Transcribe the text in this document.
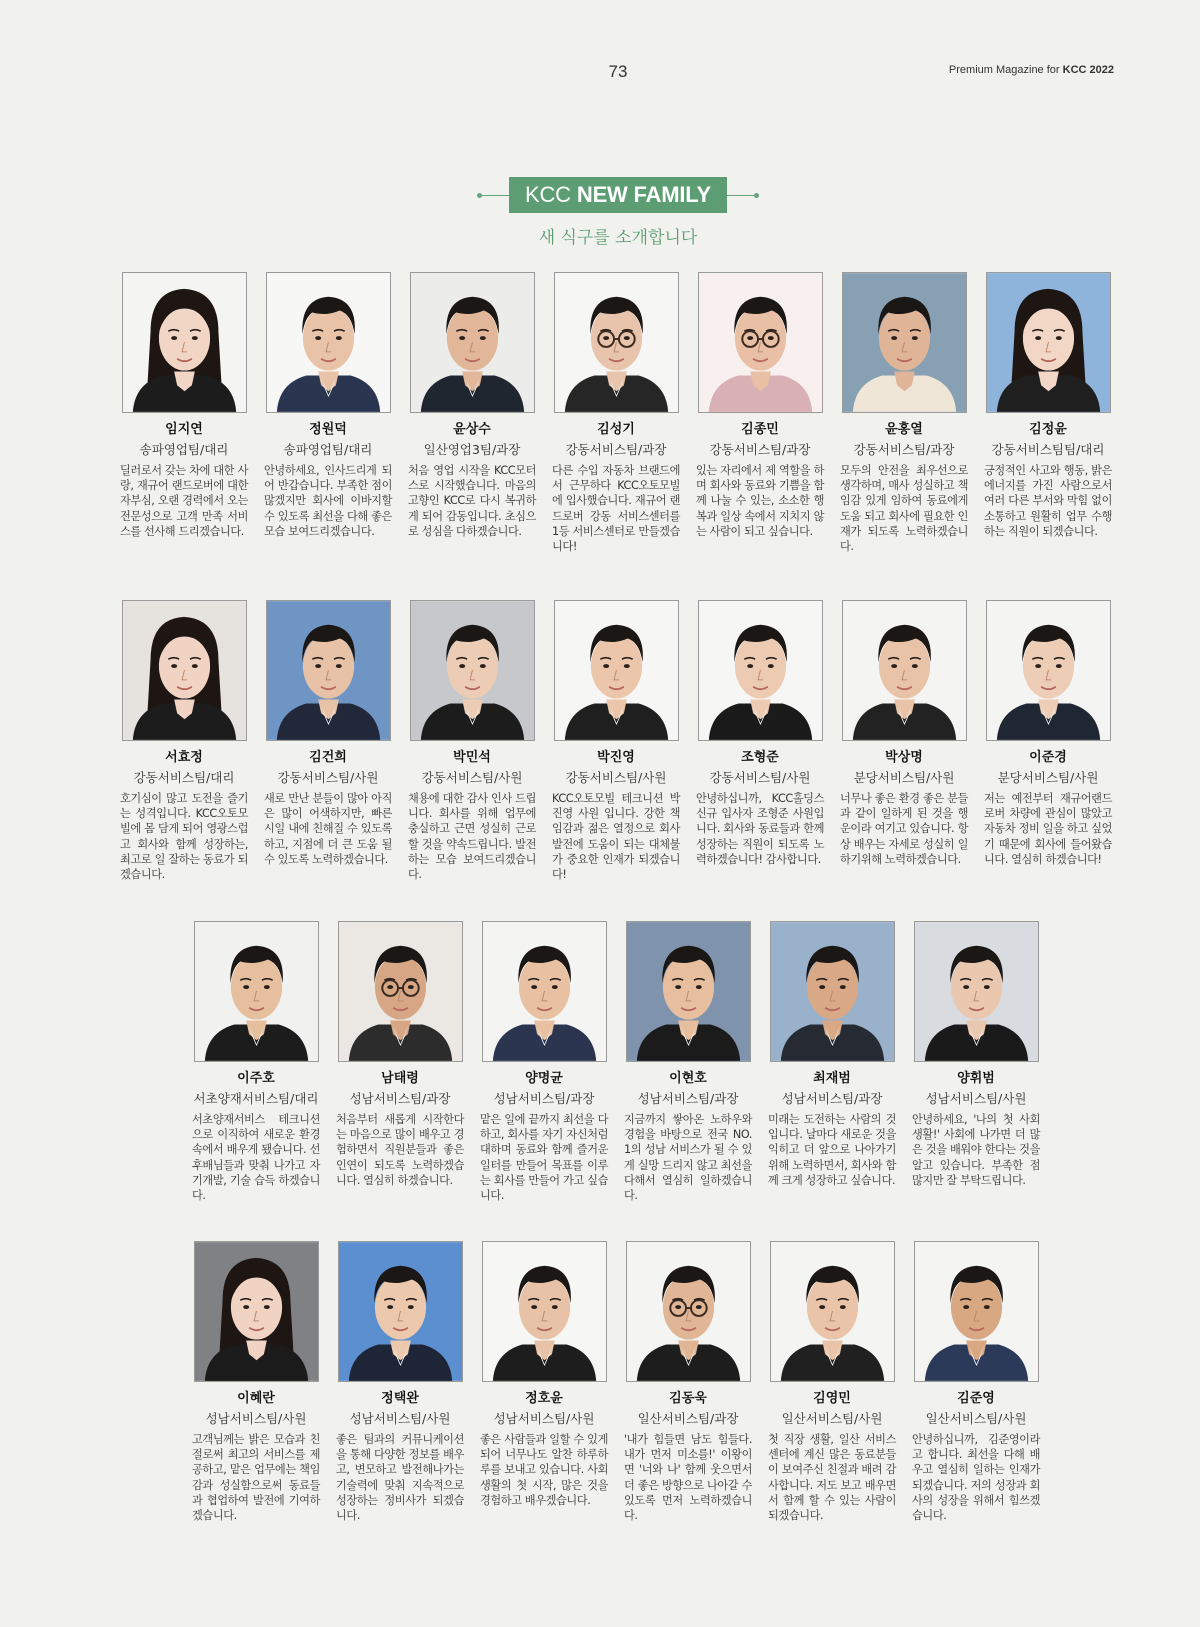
73	Premium Magazine for KCC 2022
KCC NEW FAMILY
새 식구를 소개합니다
임지연
송파영업팀/대리
딜러로서 갖는 차에 대한 사랑, 재규어 랜드로버에 대한 자부심, 오랜 경력에서 오는 전문성으로 고객 만족 서비스를 선사해 드리겠습니다.
정원덕
송파영업팀/대리
안녕하세요, 인사드리게 되어 반갑습니다. 부족한 점이 많겠지만 회사에 이바지할 수 있도록 최선을 다해 좋은 모습 보여드리겠습니다.
윤상수
일산영업3팀/과장
처음 영업 시작을 KCC모터스로 시작했습니다. 마음의 고향인 KCC로 다시 복귀하게 되어 감동입니다. 초심으로 성심을 다하겠습니다.
김성기
강동서비스팀/과장
다른 수입 자동차 브랜드에서 근무하다 KCC오토모빌에 입사했습니다. 재규어 랜드로버 강동 서비스센터를 1등 서비스센터로 만들겠습니다!
김종민
강동서비스팀/과장
있는 자리에서 제 역할을 하며 회사와 동료와 기쁨을 함께 나눌 수 있는, 소소한 행복과 일상 속에서 지치지 않는 사람이 되고 싶습니다.
윤홍열
강동서비스팀/과장
모두의 안전을 최우선으로 생각하며, 매사 성실하고 책임감 있게 임하여 동료에게 도움 되고 회사에 필요한 인재가 되도록 노력하겠습니다.
김정윤
강동서비스팀팀/대리
긍정적인 사고와 행동, 밝은 에너지를 가진 사람으로서 여러 다른 부서와 막힘 없이 소통하고 원활히 업무 수행하는 직원이 되겠습니다.
서효정
강동서비스팀/대리
호기심이 많고 도전을 즐기는 성격입니다. KCC오토모빌에 몸 담게 되어 영광스럽고 회사와 함께 성장하는, 최고로 일 잘하는 동료가 되겠습니다.
김건희
강동서비스팀/사원
새로 만난 분들이 많아 아직은 많이 어색하지만, 빠른 시일 내에 친해질 수 있도록 하고, 지점에 더 큰 도움 될 수 있도록 노력하겠습니다.
박민석
강동서비스팀/사원
채용에 대한 감사 인사 드립니다. 회사를 위해 업무에 충실하고 근면 성실히 근로할 것을 약속드립니다. 발전하는 모습 보여드리겠습니다.
박진영
강동서비스팀/사원
KCC오토모빌 테크니션 박진영 사원 입니다. 강한 책임감과 젊은 열정으로 회사 발전에 도움이 되는 대체불가 중요한 인재가 되겠습니다!
조형준
강동서비스팀/사원
안녕하십니까, KCC홀딩스 신규 입사자 조형준 사원입니다. 회사와 동료들과 한께 성장하는 직원이 되도록 노력하겠습니다! 감사합니다.
박상명
분당서비스팀/사원
너무나 좋은 환경 좋은 분들과 같이 일하게 된 것을 행운이라 여기고 있습니다. 항상 배우는 자세로 성실히 일하기위해 노력하겠습니다.
이준경
분당서비스팀/사원
저는 예전부터 재규어랜드로버 차량에 관심이 많았고 자동차 정비 일을 하고 싶었기 때문에 회사에 들어왔습니다. 열심히 하겠습니다!
이주호
서초양재서비스팀/대리
서초양재서비스 테크니션으로 이직하여 새로운 환경속에서 배우게 됐습니다. 선후배님들과 맞춰 나가고 자기개발, 기술 습득 하겠습니다.
남태령
성남서비스팀/과장
처음부터 새롭게 시작한다는 마음으로 많이 배우고 경험하면서 직원분들과 좋은 인연이 되도록 노력하겠습니다. 열심히 하겠습니다.
양명균
성남서비스팀/과장
맡은 일에 끝까지 최선을 다하고, 회사를 자기 자신처럼 대하며 동료와 함께 즐거운 일터를 만들어 목표를 이루는 회사를 만들어 가고 싶습니다.
이현호
성남서비스팀/과장
지금까지 쌓아온 노하우와 경험을 바탕으로 전국 NO.1의 성남 서비스가 될 수 있게 실망 드리지 않고 최선을 다해서 열심히 일하겠습니다.
최재범
성남서비스팀/과장
미래는 도전하는 사람의 것입니다. 날마다 새로운 것을 익히고 더 앞으로 나아가기 위해 노력하면서, 회사와 함께 크게 성장하고 싶습니다.
양휘범
성남서비스팀/사원
안녕하세요, '나의 첫 사회생활!' 사회에 나가면 더 많은 것을 배워야 한다는 것을 알고 있습니다. 부족한 점 많지만 잘 부탁드립니다.
이혜란
성남서비스팀/사원
고객님께는 밝은 모습과 친절로써 최고의 서비스를 제공하고, 맡은 업무에는 책임감과 성실함으로써 동료들과 협업하여 발전에 기여하겠습니다.
정택완
성남서비스팀/사원
좋은 팀과의 커뮤니케이션을 통해 다양한 정보를 배우고, 변모하고 발전해나가는 기술력에 맞춰 지속적으로 성장하는 정비사가 되겠습니다.
정호윤
성남서비스팀/사원
좋은 사람들과 일할 수 있게 되어 너무나도 알찬 하루하루를 보내고 있습니다. 사회생활의 첫 시작, 많은 것을 경험하고 배우겠습니다.
김동욱
일산서비스팀/과장
'내가 힘들면 남도 힘들다. 내가 먼저 미소를!' 이왕이면 '너와 나' 함께 웃으면서 더 좋은 방향으로 나아갈 수 있도록 먼저 노력하겠습니다.
김영민
일산서비스팀/사원
첫 직장 생활, 일산 서비스센터에 계신 많은 동료분들이 보여주신 친절과 배려 감사합니다. 저도 보고 배우면서 함께 할 수 있는 사람이 되겠습니다.
김준영
일산서비스팀/사원
안녕하십니까, 김준영이라고 합니다. 최선을 다해 배우고 열심히 일하는 인재가 되겠습니다. 저의 성장과 회사의 성장을 위해서 힘쓰겠습니다.
